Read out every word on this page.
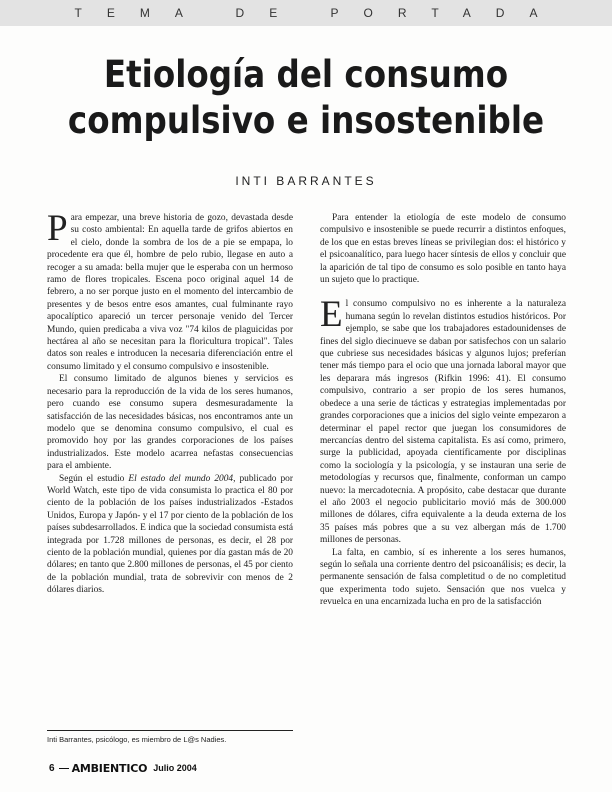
TEMA DE PORTADA
Etiología del consumo
compulsivo e insostenible
INTI BARRANTES

Para empezar, una breve historia de gozo, devastada desde su costo ambiental: En aquella tarde de grifos abiertos en el cielo, donde la sombra de los de a pie se empapa, lo procedente era que él, hombre de pelo rubio, llegase en auto a recoger a su amada: bella mujer que le esperaba con un hermoso ramo de flores tropicales. Escena poco original aquel 14 de febrero, a no ser porque justo en el momento del intercambio de presentes y de besos entre esos amantes, cual fulminante rayo apocalíptico apareció un tercer personaje venido del Tercer Mundo, quien predicaba a viva voz "74 kilos de plaguicidas por hectárea al año se necesitan para la floricultura tropical". Tales datos son reales e introducen la necesaria diferenciación entre el consumo limitado y el consumo compulsivo e insostenible.

El consumo limitado de algunos bienes y servicios es necesario para la reproducción de la vida de los seres humanos, pero cuando ese consumo supera desmesuradamente la satisfacción de las necesidades básicas, nos encontramos ante un modelo que se denomina consumo compulsivo, el cual es promovido hoy por las grandes corporaciones de los países industrializados. Este modelo acarrea nefastas consecuencias para el ambiente.

Según el estudio El estado del mundo 2004, publicado por World Watch, este tipo de vida consumista lo practica el 80 por ciento de la población de los países industrializados -Estados Unidos, Europa y Japón- y el 17 por ciento de la población de los países subdesarrollados. E indica que la sociedad consumista está integrada por 1.728 millones de personas, es decir, el 28 por ciento de la población mundial, quienes por día gastan más de 20 dólares; en tanto que 2.800 millones de personas, el 45 por ciento de la población mundial, trata de sobrevivir con menos de 2 dólares diarios.

Para entender la etiología de este modelo de consumo compulsivo e insostenible se puede recurrir a distintos enfoques, de los que en estas breves líneas se privilegian dos: el histórico y el psicoanalítico, para luego hacer síntesis de ellos y concluir que la aparición de tal tipo de consumo es solo posible en tanto haya un sujeto que lo practique.

El consumo compulsivo no es inherente a la naturaleza humana según lo revelan distintos estudios históricos. Por ejemplo, se sabe que los trabajadores estadounidenses de fines del siglo diecinueve se daban por satisfechos con un salario que cubriese sus necesidades básicas y algunos lujos; preferían tener más tiempo para el ocio que una jornada laboral mayor que les deparara más ingresos (Rifkin 1996: 41). El consumo compulsivo, contrario a ser propio de los seres humanos, obedece a una serie de tácticas y estrategias implementadas por grandes corporaciones que a inicios del siglo veinte empezaron a determinar el papel rector que juegan los consumidores de mercancías dentro del sistema capitalista. Es así como, primero, surge la publicidad, apoyada científicamente por disciplinas como la sociología y la psicología, y se instauran una serie de metodologías y recursos que, finalmente, conforman un campo nuevo: la mercadotecnia. A propósito, cabe destacar que durante el año 2003 el negocio publicitario movió más de 300.000 millones de dólares, cifra equivalente a la deuda externa de los 35 países más pobres que a su vez albergan más de 1.700 millones de personas.

La falta, en cambio, sí es inherente a los seres humanos, según lo señala una corriente dentro del psicoanálisis; es decir, la permanente sensación de falsa completitud o de no completitud que experimenta todo sujeto. Sensación que nos vuelca y revuelca en una encarnizada lucha en pro de la satisfacción

Inti Barrantes, psicólogo, es miembro de L@s Nadies.
6 AMBIENTICO Julio 2004
